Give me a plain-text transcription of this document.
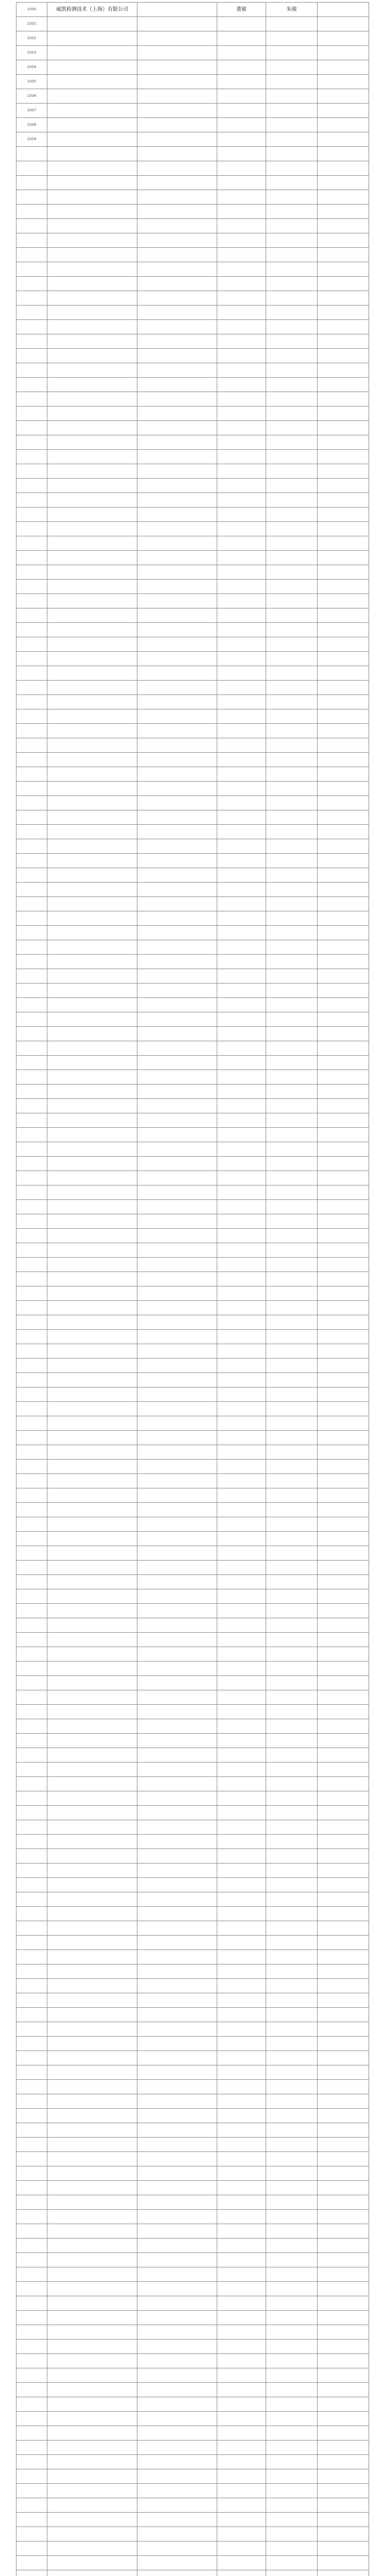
1000	威凯检测技术（上海）有限公司		董敏	朱骏	
1001					
1002					
1003					
1004					
1005					
1006					
1007					
1008					
1009					
